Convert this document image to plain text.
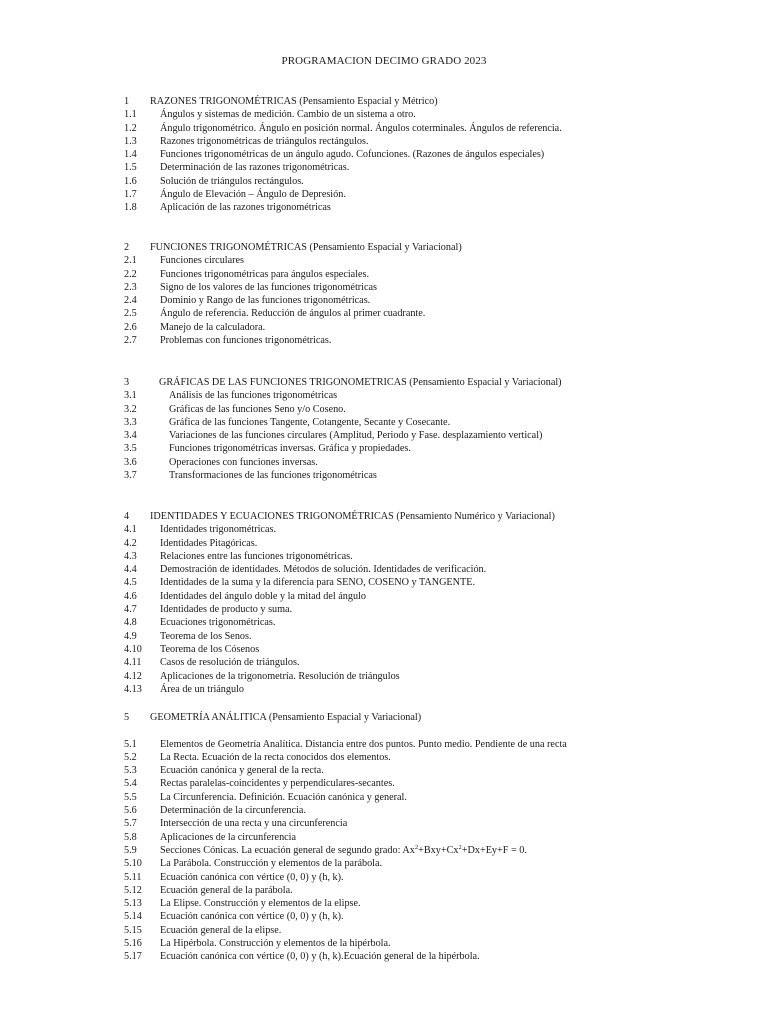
PROGRAMACION DECIMO GRADO 2023
1 RAZONES TRIGONOMÉTRICAS (Pensamiento Espacial y Métrico)
1.1 Ángulos y sistemas de medición. Cambio de un sistema a otro.
1.2 Ángulo trigonométrico. Ángulo en posición normal. Ángulos coterminales. Ángulos de referencia.
1.3 Razones trigonométricas de triángulos rectángulos.
1.4 Funciones trigonométricas de un ángulo agudo. Cofunciones. (Razones de ángulos especiales)
1.5 Determinación de las razones trigonométricas.
1.6 Solución de triángulos rectángulos.
1.7 Ángulo de Elevación – Ángulo de Depresión.
1.8 Aplicación de las razones trigonométricas
2 FUNCIONES TRIGONOMÉTRICAS (Pensamiento Espacial y Variacional)
2.1 Funciones circulares
2.2 Funciones trigonométricas para ángulos especiales.
2.3 Signo de los valores de las funciones trigonométricas
2.4 Dominio y Rango de las funciones trigonométricas.
2.5 Ángulo de referencia. Reducción de ángulos al primer cuadrante.
2.6 Manejo de la calculadora.
2.7 Problemas con funciones trigonométricas.
3	GRÁFICAS DE LAS FUNCIONES TRIGONOMETRICAS (Pensamiento Espacial y Variacional)
3.1	Análisis de las funciones trigonométricas
3.2	Gráficas de las funciones Seno y/o Coseno.
3.3	Gráfica de las funciones Tangente, Cotangente, Secante y Cosecante.
3.4	Variaciones de las funciones circulares (Amplitud, Periodo y Fase. desplazamiento vertical)
3.5	Funciones trigonométricas inversas. Gráfica y propiedades.
3.6	Operaciones con funciones inversas.
3.7	Transformaciones de las funciones trigonométricas
4 IDENTIDADES Y ECUACIONES TRIGONOMÉTRICAS (Pensamiento Numérico y Variacional)
4.1 Identidades trigonométricas.
4.2 Identidades Pitagóricas.
4.3 Relaciones entre las funciones trigonométricas.
4.4 Demostración de identidades. Métodos de solución. Identidades de verificación.
4.5 Identidades de la suma y la diferencia para SENO, COSENO y TANGENTE.
4.6 Identidades del ángulo doble y la mitad del ángulo
4.7 Identidades de producto y suma.
4.8 Ecuaciones trigonométricas.
4.9 Teorema de los Senos.
4.10 Teorema de los Cósenos
4.11 Casos de resolución de triángulos.
4.12 Aplicaciones de la trigonometría. Resolución de triángulos
4.13 Área de un triángulo
5 GEOMETRÍA ANÁLITICA (Pensamiento Espacial y Variacional)
5.1 Elementos de Geometría Analítica. Distancia entre dos puntos. Punto medio. Pendiente de una recta
5.2 La Recta. Ecuación de la recta conocidos dos elementos.
5.3 Ecuación canónica y general de la recta.
5.4 Rectas paralelas-coincidentes y perpendiculares-secantes.
5.5 La Circunferencia. Definición. Ecuación canónica y general.
5.6 Determinación de la circunferencia.
5.7 Intersección de una recta y una circunferencia
5.8 Aplicaciones de la circunferencia
5.9 Secciones Cónicas. La ecuación general de segundo grado: $Ax^2+Bxy+Cx^2+Dx+Ey+F = 0$.
5.10 La Parábola. Construcción y elementos de la parábola.
5.11 Ecuación canónica con vértice (0, 0) y (h, k).
5.12 Ecuación general de la parábola.
5.13 La Elipse. Construcción y elementos de la elipse.
5.14 Ecuación canónica con vértice (0, 0) y (h, k).
5.15 Ecuación general de la elipse.
5.16 La Hipérbola. Construcción y elementos de la hipérbola.
5.17 Ecuación canónica con vértice (0, 0) y (h, k).Ecuación general de la hipérbola.
